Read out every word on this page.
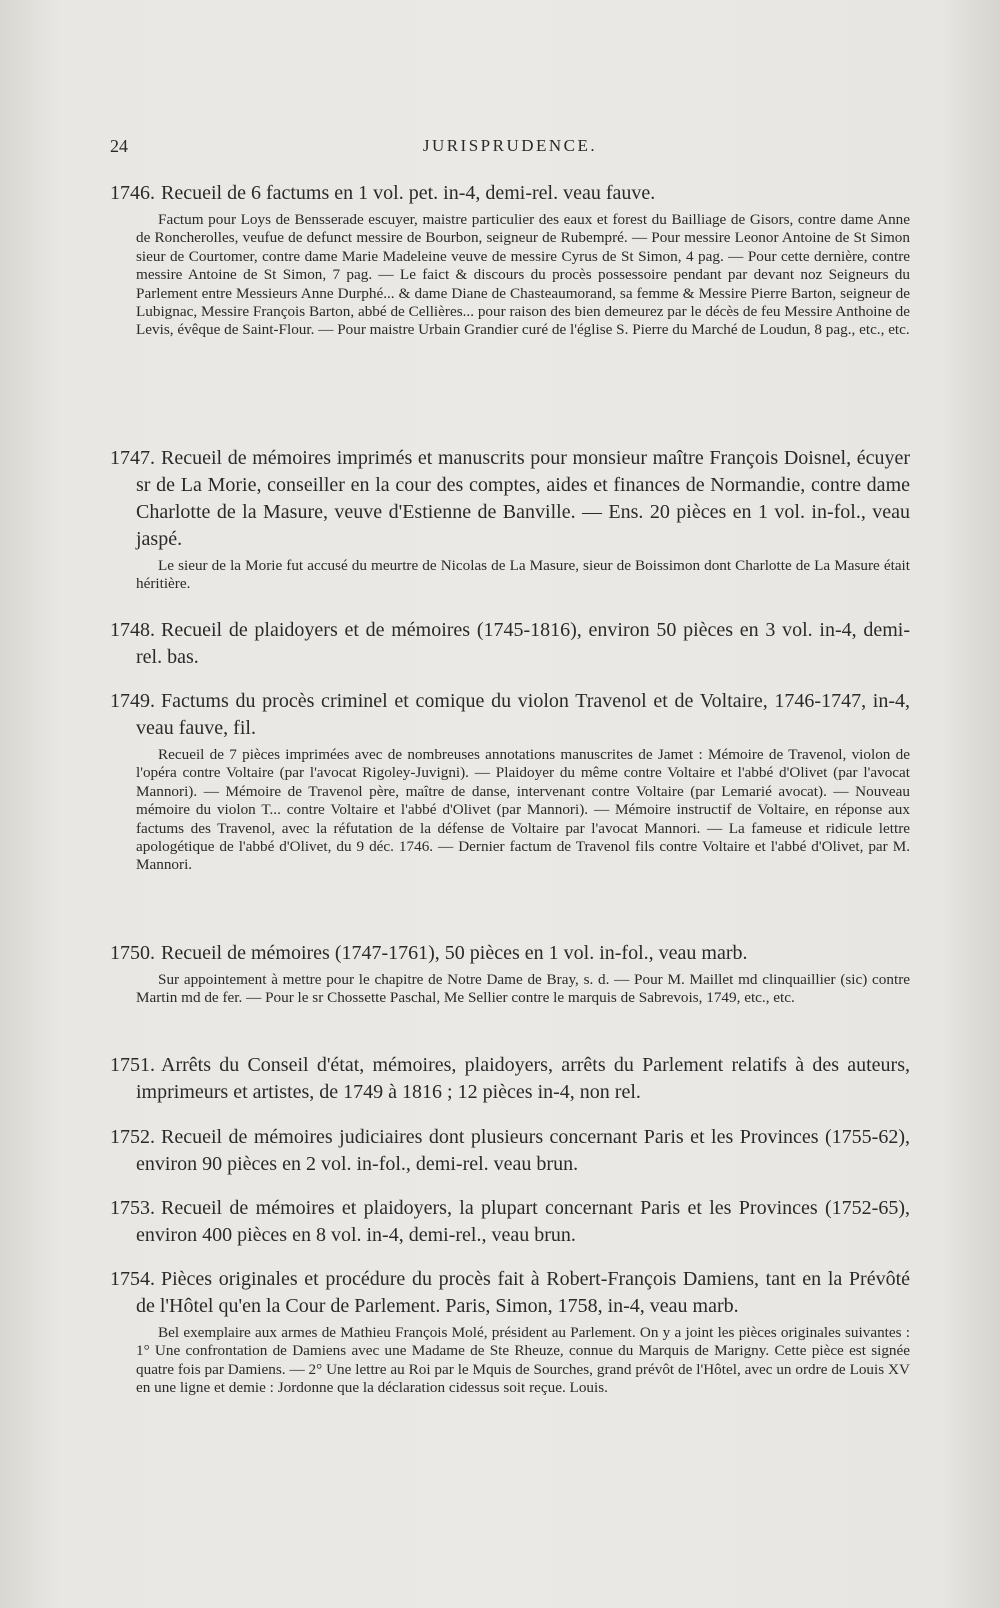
24	JURISPRUDENCE.
1746. Recueil de 6 factums en 1 vol. pet. in-4, demi-rel. veau fauve.
Factum pour Loys de Bensserade escuyer, maistre particulier des eaux et forest du Bailliage de Gisors, contre dame Anne de Roncherolles, veufue de defunct messire de Bourbon, seigneur de Rubempré. — Pour messire Leonor Antoine de St Simon sieur de Courtomer, contre dame Marie Madeleine veuve de messire Cyrus de St Simon, 4 pag. — Pour cette dernière, contre messire Antoine de St Simon, 7 pag. — Le faict & discours du procès possessoire pendant par devant noz Seigneurs du Parlement entre Messieurs Anne Durphé... & dame Diane de Chasteaumorand, sa femme & Messire Pierre Barton, seigneur de Lubignac, Messire François Barton, abbé de Cellières... pour raison des bien demeurez par le décès de feu Messire Anthoine de Levis, évêque de Saint-Flour. — Pour maistre Urbain Grandier curé de l'église S. Pierre du Marché de Loudun, 8 pag., etc., etc.
1747. Recueil de mémoires imprimés et manuscrits pour monsieur maître François Doisnel, écuyer sr de La Morie, conseiller en la cour des comptes, aides et finances de Normandie, contre dame Charlotte de la Masure, veuve d'Estienne de Banville. — Ens. 20 pièces en 1 vol. in-fol., veau jaspé.
Le sieur de la Morie fut accusé du meurtre de Nicolas de La Masure, sieur de Boissimon dont Charlotte de La Masure était héritière.
1748. Recueil de plaidoyers et de mémoires (1745-1816), environ 50 pièces en 3 vol. in-4, demi-rel. bas.
1749. Factums du procès criminel et comique du violon Travenol et de Voltaire, 1746-1747, in-4, veau fauve, fil.
Recueil de 7 pièces imprimées avec de nombreuses annotations manuscrites de Jamet : Mémoire de Travenol, violon de l'opéra contre Voltaire (par l'avocat Rigoley-Juvigni). — Plaidoyer du même contre Voltaire et l'abbé d'Olivet (par l'avocat Mannori). — Mémoire de Travenol père, maître de danse, intervenant contre Voltaire (par Lemarié avocat). — Nouveau mémoire du violon T... contre Voltaire et l'abbé d'Olivet (par Mannori). — Mémoire instructif de Voltaire, en réponse aux factums des Travenol, avec la réfutation de la défense de Voltaire par l'avocat Mannori. — La fameuse et ridicule lettre apologétique de l'abbé d'Olivet, du 9 déc. 1746. — Dernier factum de Travenol fils contre Voltaire et l'abbé d'Olivet, par M. Mannori.
1750. Recueil de mémoires (1747-1761), 50 pièces en 1 vol. in-fol., veau marb.
Sur appointement à mettre pour le chapitre de Notre Dame de Bray, s. d. — Pour M. Maillet md clinquaillier (sic) contre Martin md de fer. — Pour le sr Chossette Paschal, Me Sellier contre le marquis de Sabrevois, 1749, etc., etc.
1751. Arrêts du Conseil d'état, mémoires, plaidoyers, arrêts du Parlement relatifs à des auteurs, imprimeurs et artistes, de 1749 à 1816 ; 12 pièces in-4, non rel.
1752. Recueil de mémoires judiciaires dont plusieurs concernant Paris et les Provinces (1755-62), environ 90 pièces en 2 vol. in-fol., demi-rel. veau brun.
1753. Recueil de mémoires et plaidoyers, la plupart concernant Paris et les Provinces (1752-65), environ 400 pièces en 8 vol. in-4, demi-rel., veau brun.
1754. Pièces originales et procédure du procès fait à Robert-François Damiens, tant en la Prévôté de l'Hôtel qu'en la Cour de Parlement. Paris, Simon, 1758, in-4, veau marb.
Bel exemplaire aux armes de Mathieu François Molé, président au Parlement. On y a joint les pièces originales suivantes : 1° Une confrontation de Damiens avec une Madame de Ste Rheuze, connue du Marquis de Marigny. Cette pièce est signée quatre fois par Damiens. — 2° Une lettre au Roi par le Mquis de Sourches, grand prévôt de l'Hôtel, avec un ordre de Louis XV en une ligne et demie : Jordonne que la déclaration cidessus soit reçue. Louis.
